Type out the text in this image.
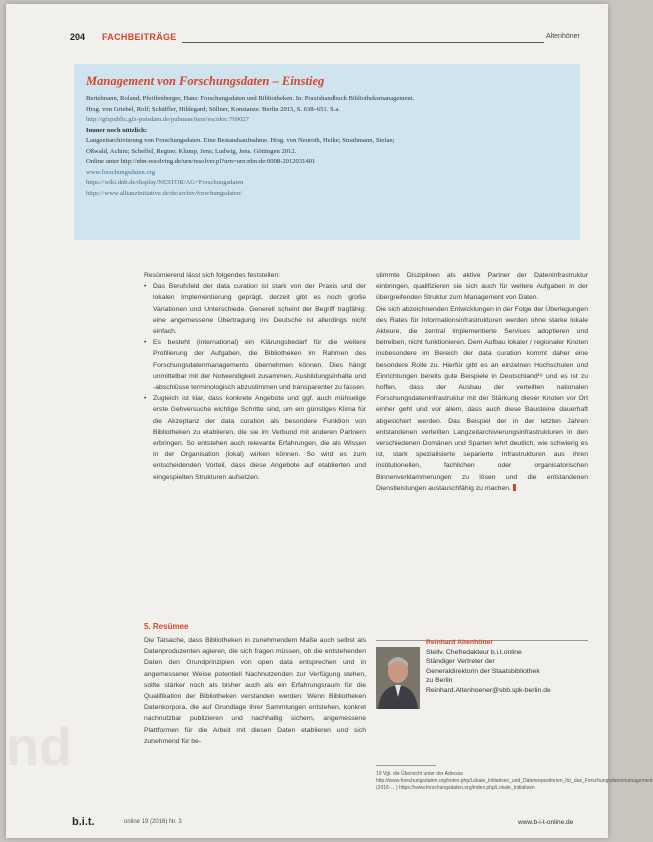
nd
204 FACHBEITRÄGE	Altenhöner
Management von Forschungsdaten – Einstieg
Bertelmann, Roland; Pfeiffenberger, Hans: Forschungsdaten und Bibliotheken. In: Praxishandbuch Bibliotheksmanagement.
Hrsg. von Griebel, Rolf; Schäffler, Hildegard; Söllner, Konstanze. Berlin 2015, S. 638–651. S.a.
http://gfzpublic.gfz-potsdam.de/pubman/item/escidoc:769027
Immer noch nützlich:
Langzeitarchivierung von Forschungsdaten. Eine Bestandsaufnahme. Hrsg. von Neuroth, Heike; Strathmann, Stefan;
Oßwald, Achim; Scheffel, Regine; Klump, Jens; Ludwig, Jens. Göttingen 2012.
Online unter http://nbn-resolving.de/urn/resolver.pl?urn=urn:nbn:de:0008-2012031401
www.forschungsdaten.org
https://wiki.dnb.de/display/NESTOR/AG+Forschungsdaten
https://www.allianzinitiative.de/de/archiv/forschungsdaten/

Resümierend lässt sich folgendes feststellen:

• Das Berufsfeld der data curation ist stark von der Praxis und der lokalen Implementierung geprägt, derzeit gibt es noch große Variationen und Unterschiede. Generell scheint der Begriff tragfähig: eine angemessene Übertragung ins Deutsche ist allerdings nicht einfach.

• Es besteht (international) ein Klärungsbedarf für die weitere Profilierung der Aufgaben, die Bibliotheken im Rahmen des Forschungsdatenmanagements übernehmen können. Dies hängt unmittelbar mit der Notwendigkeit zusammen, Ausbildungsinhalte und -abschlüsse terminologisch abzustimmen und transparenter zu fassen.

• Zugleich ist klar, dass konkrete Angebote und ggf. auch mühselige erste Gehversuche wichtige Schritte sind, um ein günstiges Klima für die Akzeptanz der data curation als besondere Funktion von Bibliotheken zu etablieren, die sie im Verbund mit anderen Partnern erbringen. So entstehen auch relevante Erfahrungen, die als Wissen in der Organisation (lokal) wirken können. So wird es zum entscheidenden Vorteil, dass diese Angebote auf etablierten und eingespielten Strukturen aufsetzen.

5. Resümee

Die Tatsache, dass Bibliotheken in zunehmendem Maße auch selbst als Datenproduzenten agieren, die sich fragen müssen, ob die entstehenden Daten den Grundprinzipien von open data entsprechen und in angemessener Weise potentiell Nachnutzenden zur Verfügung stehen, sollte stärker noch als bisher auch als ein Erfahrungsraum für die Qualifikation der Bibliotheken verstanden werden: Wenn Bibliotheken Datenkorpora, die auf Grundlage ihrer Sammlungen entstehen, konkret nachnutzbar publizieren und nachhaltig sichern, angemessene Plattformen für die Arbeit mit diesen Daten etablieren und sich zunehmend für be-

stimmte Disziplinen als aktive Partner der Dateninfrastruktur einbringen, qualifizieren sie sich auch für weitere Aufgaben in der übergreifenden Struktur zum Management von Daten.

Die sich abzeichnenden Entwicklungen in der Folge der Überlegungen des Rates für Informationsinfrastrukturen werden ohne starke lokale Akteure, die zentral implementierte Services adoptieren und betreiben, nicht funktionieren. Dem Aufbau lokaler / regionaler Knoten insbesondere im Bereich der data curation kommt daher eine besondere Rolle zu. Hierfür gibt es an einzelnen Hochschulen und Einrichtungen bereits gute Beispiele in Deutschland¹⁹ und es ist zu hoffen, dass der Ausbau der verteilten nationalen Forschungsdateninfrastruktur mit der Stärkung dieser Knoten vor Ort einher geht und vor allem, dass auch diese Bausteine dauerhaft abgesichert werden. Das Beispiel der in der letzten Jahren entstandenen verteilten Langzeitarchivierungsinfrastrukturen in den verschiedenen Domänen und Sparten lehrt deutlich, wie schwierig es ist, stark spezialisierte separierte Infrastrukturen aus ihren institutionellen, fachlichen oder organisatorischen Binnenverklammerungen zu lösen und die entstandenen Dienstleistungen austauschfähig zu machen.

Reinhard Altenhöner
Stellv. Chefredakteur b.i.t.online
Ständiger Vertreter der
Generaldirektorin der Staatsbibliothek
zu Berlin
Reinhard.Altenhoener@sbb.spk-berlin.de
19 Vgl. die Übersicht unter der Adresse http://www.forschungsdaten.org/index.php/Lokale_Initiativen_und_Datenrepositorien_für_das_Forschungsdatenmanagement (2016-... ) https://www.forschungsdaten.org/index.php/Lokale_Initiativen
b.i.t.	online 19 (2016) Nr. 3	www.b-i-t-online.de
